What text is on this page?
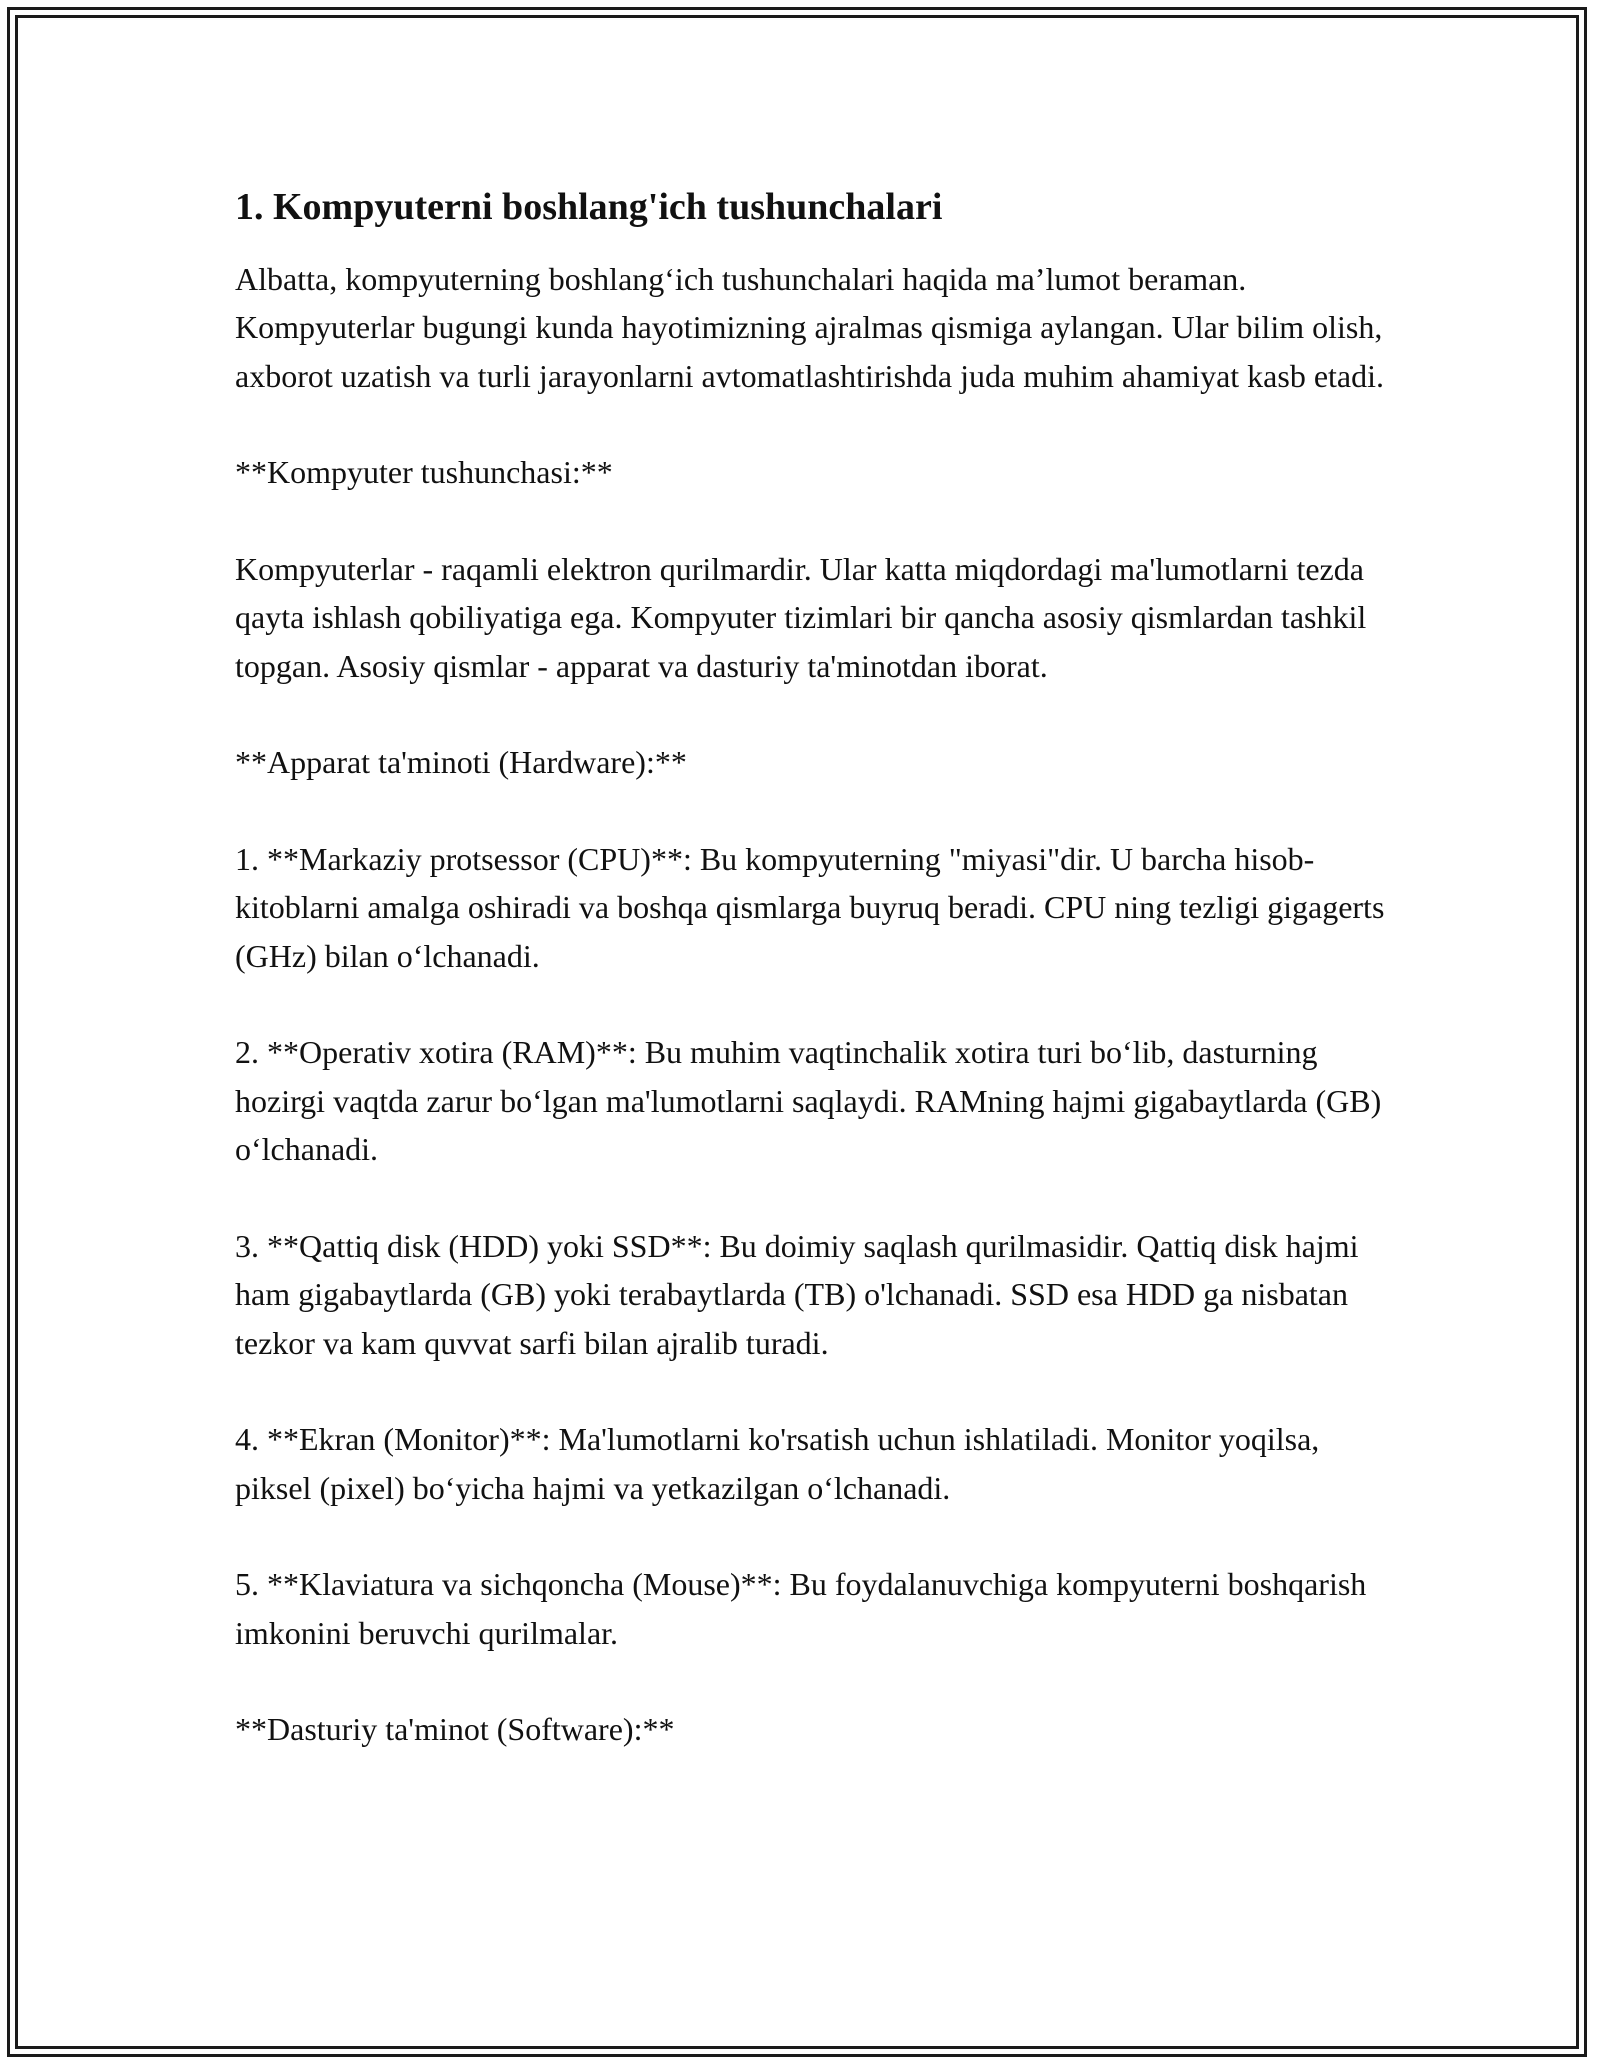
1. Kompyuterni boshlang'ich tushunchalari

Albatta, kompyuterning boshlang‘ich tushunchalari haqida ma’lumot beraman. Kompyuterlar bugungi kunda hayotimizning ajralmas qismiga aylangan. Ular bilim olish, axborot uzatish va turli jarayonlarni avtomatlashtirishda juda muhim ahamiyat kasb etadi.

**Kompyuter tushunchasi:**

Kompyuterlar - raqamli elektron qurilmardir. Ular katta miqdordagi ma'lumotlarni tezda qayta ishlash qobiliyatiga ega. Kompyuter tizimlari bir qancha asosiy qismlardan tashkil topgan. Asosiy qismlar - apparat va dasturiy ta'minotdan iborat.

**Apparat ta'minoti (Hardware):**

1. **Markaziy protsessor (CPU)**: Bu kompyuterning "miyasi"dir. U barcha hisob-kitoblarni amalga oshiradi va boshqa qismlarga buyruq beradi. CPU ning tezligi gigagerts (GHz) bilan o‘lchanadi.

2. **Operativ xotira (RAM)**: Bu muhim vaqtinchalik xotira turi bo‘lib, dasturning hozirgi vaqtda zarur bo‘lgan ma'lumotlarni saqlaydi. RAMning hajmi gigabaytlarda (GB) o‘lchanadi.

3. **Qattiq disk (HDD) yoki SSD**: Bu doimiy saqlash qurilmasidir. Qattiq disk hajmi ham gigabaytlarda (GB) yoki terabaytlarda (TB) o'lchanadi. SSD esa HDD ga nisbatan tezkor va kam quvvat sarfi bilan ajralib turadi.

4. **Ekran (Monitor)**: Ma'lumotlarni ko'rsatish uchun ishlatiladi. Monitor yoqilsa, piksel (pixel) bo‘yicha hajmi va yetkazilgan o‘lchanadi.

5. **Klaviatura va sichqoncha (Mouse)**: Bu foydalanuvchiga kompyuterni boshqarish imkonini beruvchi qurilmalar.

**Dasturiy ta'minot (Software):**
